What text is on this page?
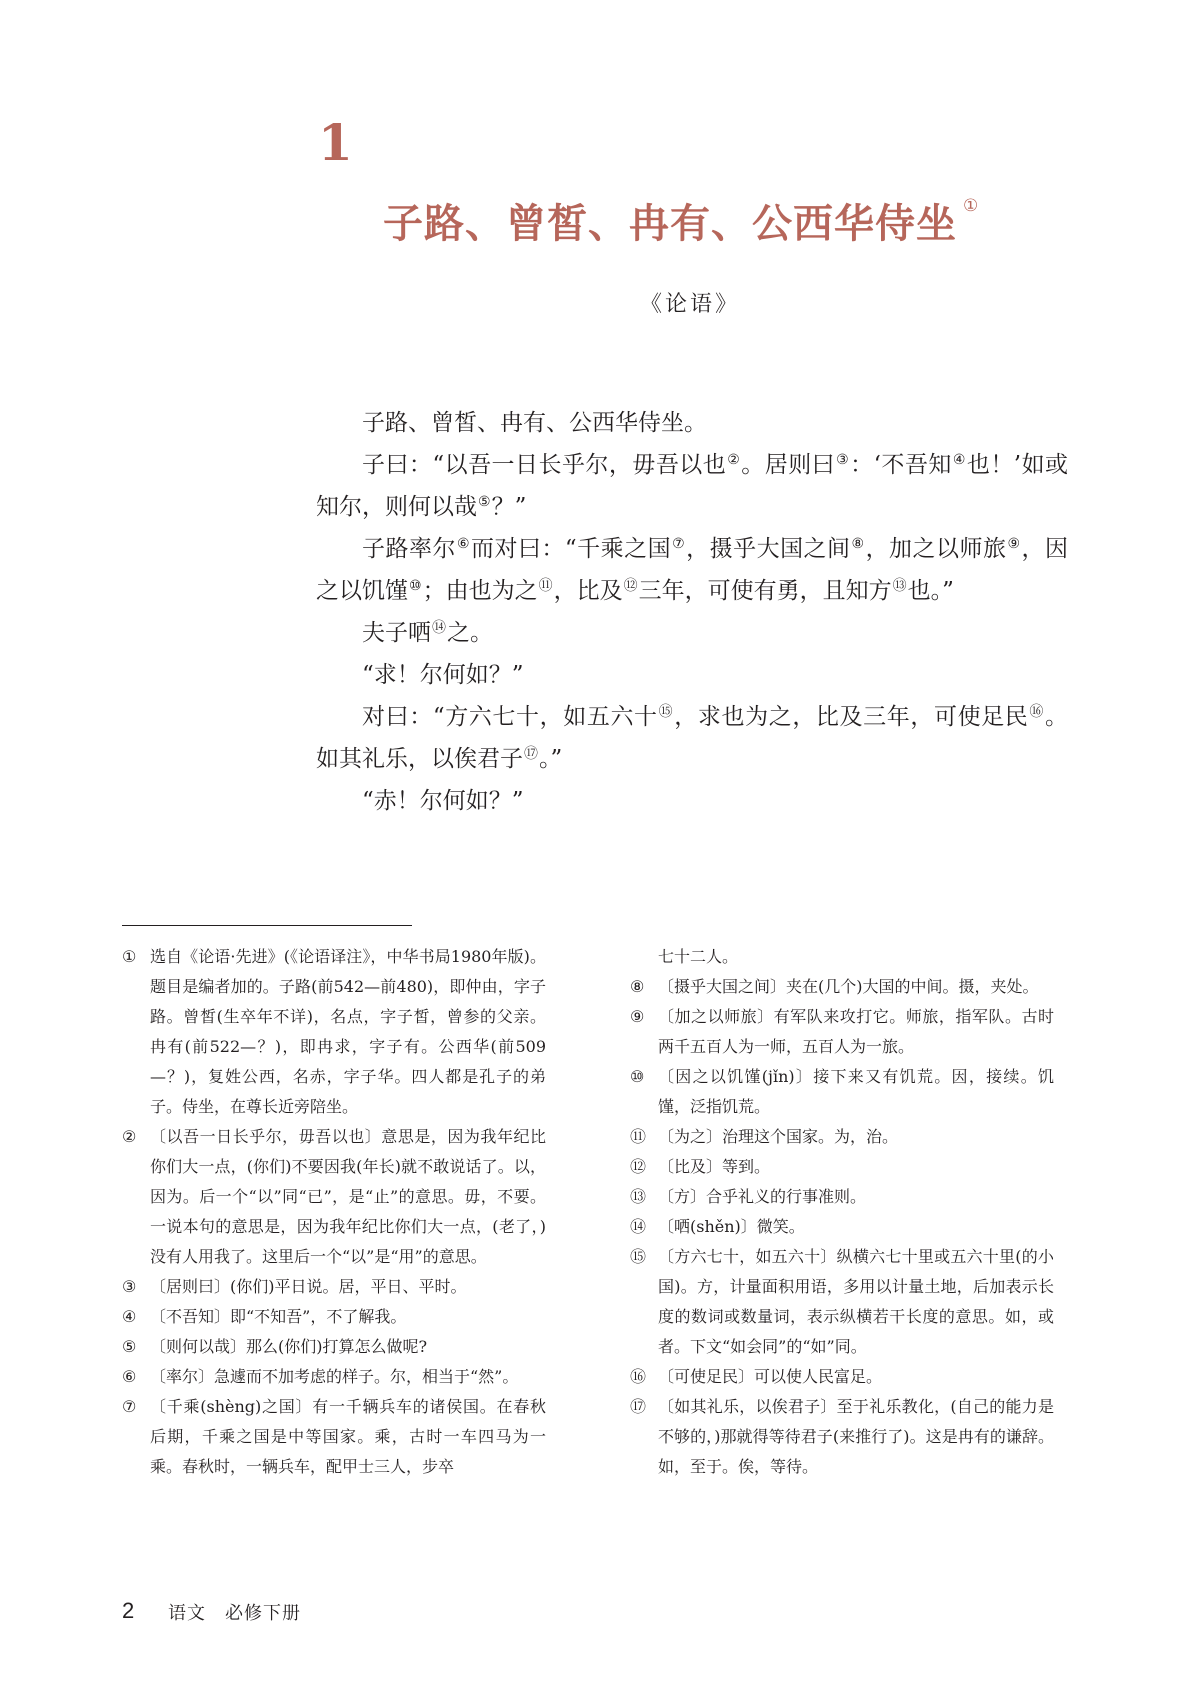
1
子路、曾皙、冉有、公西华侍坐 ①
《论语》

子路、曾皙、冉有、公西华侍坐。

子曰：“以吾一日长乎尔，毋吾以也②。居则曰③：‘不吾知④也！’如或知尔，则何以哉⑤？”

子路率尔⑥而对曰：“千乘之国⑦，摄乎大国之间⑧，加之以师旅⑨，因之以饥馑⑩；由也为之⑪，比及⑫三年，可使有勇，且知方⑬也。”

夫子哂⑭之。

“求！尔何如？”

对曰：“方六七十，如五六十⑮，求也为之，比及三年，可使足民⑯。如其礼乐，以俟君子⑰。”

“赤！尔何如？”

① 选自《论语·先进》(《论语译注》，中华书局1980年版)。题目是编者加的。子路(前542—前480)，即仲由，字子路。曾皙(生卒年不详)，名点，字子皙，曾参的父亲。冉有(前522—？)，即冉求，字子有。公西华(前509—？)，复姓公西，名赤，字子华。四人都是孔子的弟子。侍坐，在尊长近旁陪坐。
② 〔以吾一日长乎尔，毋吾以也〕意思是，因为我年纪比你们大一点，(你们)不要因我(年长)就不敢说话了。以，因为。后一个“以”同“已”，是“止”的意思。毋，不要。一说本句的意思是，因为我年纪比你们大一点，(老了，)没有人用我了。这里后一个“以”是“用”的意思。
③ 〔居则曰〕(你们)平日说。居，平日、平时。
④ 〔不吾知〕即“不知吾”，不了解我。
⑤ 〔则何以哉〕那么(你们)打算怎么做呢?
⑥ 〔率尔〕急遽而不加考虑的样子。尔，相当于“然”。
⑦ 〔千乘(shèng)之国〕有一千辆兵车的诸侯国。在春秋后期，千乘之国是中等国家。乘，古时一车四马为一乘。春秋时，一辆兵车，配甲士三人，步卒
七十二人。
⑧ 〔摄乎大国之间〕夹在(几个)大国的中间。摄，夹处。
⑨ 〔加之以师旅〕有军队来攻打它。师旅，指军队。古时两千五百人为一师，五百人为一旅。
⑩ 〔因之以饥馑(jǐn)〕接下来又有饥荒。因，接续。饥馑，泛指饥荒。
⑪ 〔为之〕治理这个国家。为，治。
⑫ 〔比及〕等到。
⑬ 〔方〕合乎礼义的行事准则。
⑭ 〔哂(shěn)〕微笑。
⑮ 〔方六七十，如五六十〕纵横六七十里或五六十里(的小国)。方，计量面积用语，多用以计量土地，后加表示长度的数词或数量词，表示纵横若干长度的意思。如，或者。下文“如会同”的“如”同。
⑯ 〔可使足民〕可以使人民富足。
⑰ 〔如其礼乐，以俟君子〕至于礼乐教化，(自己的能力是不够的，)那就得等待君子(来推行了)。这是冉有的谦辞。如，至于。俟，等待。
2 语文　必修下册
